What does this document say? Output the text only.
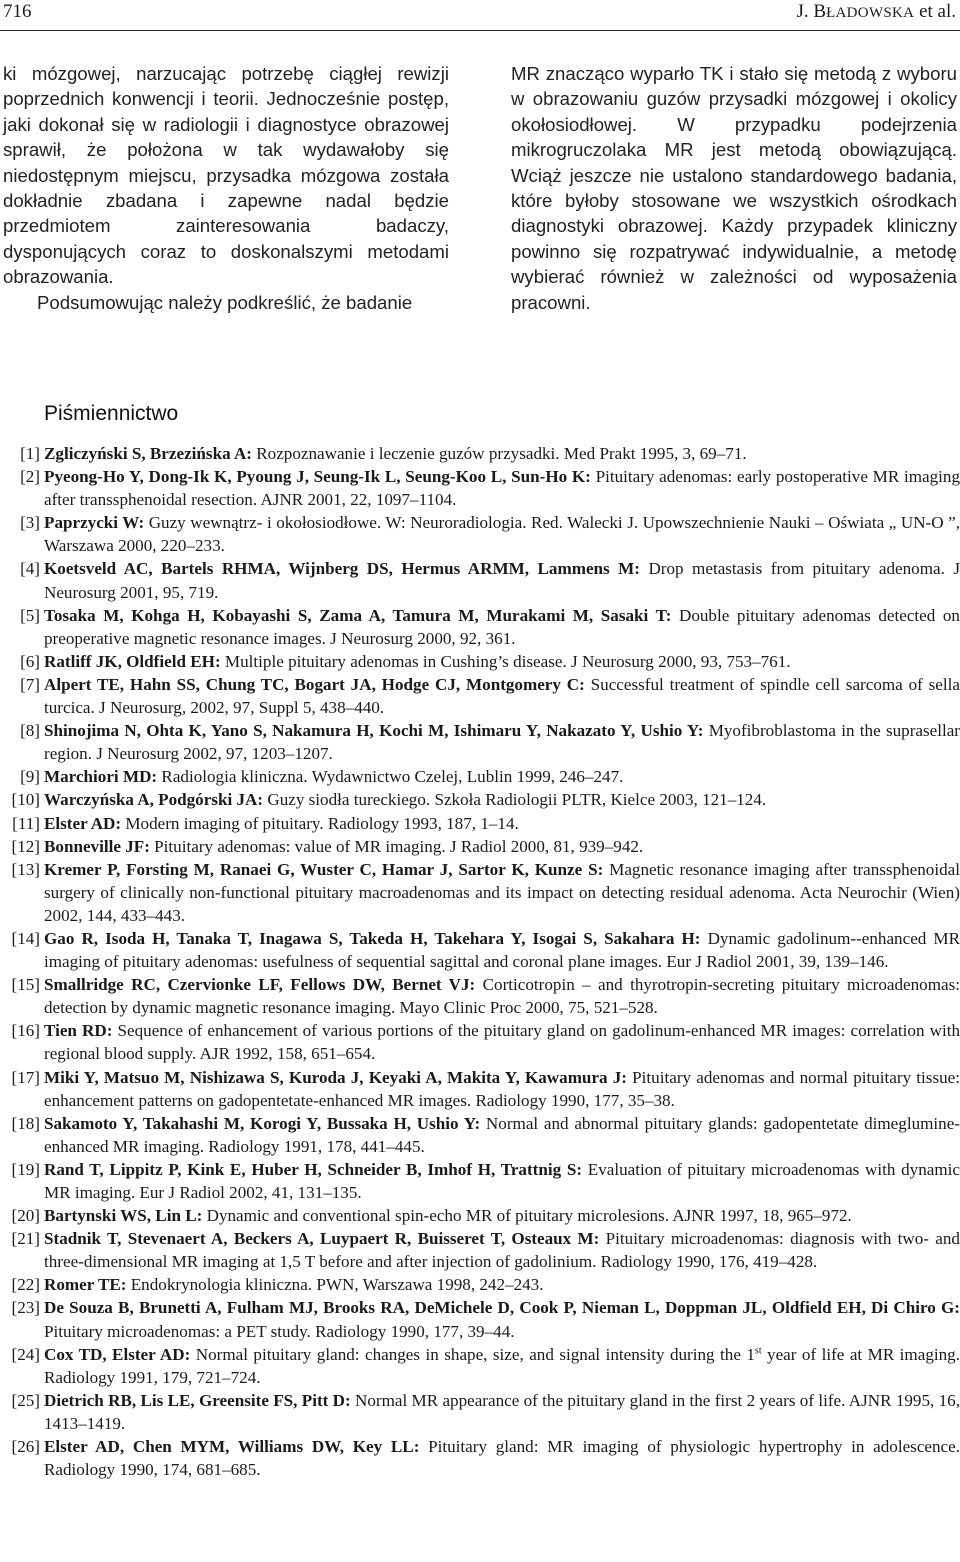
716	J. BŁADOWSKA et al.

ki mózgowej, narzucając potrzebę ciągłej rewizji poprzednich konwencji i teorii. Jednocześnie postęp, jaki dokonał się w radiologii i diagnostyce obrazowej sprawił, że położona w tak wydawałoby się niedostępnym miejscu, przysadka mózgowa została dokładnie zbadana i zapewne nadal będzie przedmiotem zainteresowania badaczy, dysponujących coraz to doskonalszymi metodami obrazowania.

Podsumowując należy podkreślić, że badanie

MR znacząco wyparło TK i stało się metodą z wyboru w obrazowaniu guzów przysadki mózgowej i okolicy okołosiodłowej. W przypadku podejrzenia mikrogruczolaka MR jest metodą obowiązującą. Wciąż jeszcze nie ustalono standardowego badania, które byłoby stosowane we wszystkich ośrodkach diagnostyki obrazowej. Każdy przypadek kliniczny powinno się rozpatrywać indywidualnie, a metodę wybierać również w zależności od wyposażenia pracowni.

Piśmiennictwo
[1] Zgliczyński S, Brzezińska A: Rozpoznawanie i leczenie guzów przysadki. Med Prakt 1995, 3, 69–71.
[2] Pyeong-Ho Y, Dong-Ik K, Pyoung J, Seung-Ik L, Seung-Koo L, Sun-Ho K: Pituitary adenomas: early postoperative MR imaging after transsphenoidal resection. AJNR 2001, 22, 1097–1104.
[3] Paprzycki W: Guzy wewnątrz- i okołosiodłowe. W: Neuroradiologia. Red. Walecki J. Upowszechnienie Nauki – Oświata „ UN-O ”, Warszawa 2000, 220–233.
[4] Koetsveld AC, Bartels RHMA, Wijnberg DS, Hermus ARMM, Lammens M: Drop metastasis from pituitary adenoma. J Neurosurg 2001, 95, 719.
[5] Tosaka M, Kohga H, Kobayashi S, Zama A, Tamura M, Murakami M, Sasaki T: Double pituitary adenomas detected on preoperative magnetic resonance images. J Neurosurg 2000, 92, 361.
[6] Ratliff JK, Oldfield EH: Multiple pituitary adenomas in Cushing’s disease. J Neurosurg 2000, 93, 753–761.
[7] Alpert TE, Hahn SS, Chung TC, Bogart JA, Hodge CJ, Montgomery C: Successful treatment of spindle cell sarcoma of sella turcica. J Neurosurg, 2002, 97, Suppl 5, 438–440.
[8] Shinojima N, Ohta K, Yano S, Nakamura H, Kochi M, Ishimaru Y, Nakazato Y, Ushio Y: Myofibroblastoma in the suprasellar region. J Neurosurg 2002, 97, 1203–1207.
[9] Marchiori MD: Radiologia kliniczna. Wydawnictwo Czelej, Lublin 1999, 246–247.
[10] Warczyńska A, Podgórski JA: Guzy siodła tureckiego. Szkoła Radiologii PLTR, Kielce 2003, 121–124.
[11] Elster AD: Modern imaging of pituitary. Radiology 1993, 187, 1–14.
[12] Bonneville JF: Pituitary adenomas: value of MR imaging. J Radiol 2000, 81, 939–942.
[13] Kremer P, Forsting M, Ranaei G, Wuster C, Hamar J, Sartor K, Kunze S: Magnetic resonance imaging after transsphenoidal surgery of clinically non-functional pituitary macroadenomas and its impact on detecting residual adenoma. Acta Neurochir (Wien) 2002, 144, 433–443.
[14] Gao R, Isoda H, Tanaka T, Inagawa S, Takeda H, Takehara Y, Isogai S, Sakahara H: Dynamic gadolinum--enhanced MR imaging of pituitary adenomas: usefulness of sequential sagittal and coronal plane images. Eur J Radiol 2001, 39, 139–146.
[15] Smallridge RC, Czervionke LF, Fellows DW, Bernet VJ: Corticotropin – and thyrotropin-secreting pituitary microadenomas: detection by dynamic magnetic resonance imaging. Mayo Clinic Proc 2000, 75, 521–528.
[16] Tien RD: Sequence of enhancement of various portions of the pituitary gland on gadolinum-enhanced MR images: correlation with regional blood supply. AJR 1992, 158, 651–654.
[17] Miki Y, Matsuo M, Nishizawa S, Kuroda J, Keyaki A, Makita Y, Kawamura J: Pituitary adenomas and normal pituitary tissue: enhancement patterns on gadopentetate-enhanced MR images. Radiology 1990, 177, 35–38.
[18] Sakamoto Y, Takahashi M, Korogi Y, Bussaka H, Ushio Y: Normal and abnormal pituitary glands: gadopentetate dimeglumine-enhanced MR imaging. Radiology 1991, 178, 441–445.
[19] Rand T, Lippitz P, Kink E, Huber H, Schneider B, Imhof H, Trattnig S: Evaluation of pituitary microadenomas with dynamic MR imaging. Eur J Radiol 2002, 41, 131–135.
[20] Bartynski WS, Lin L: Dynamic and conventional spin-echo MR of pituitary microlesions. AJNR 1997, 18, 965–972.
[21] Stadnik T, Stevenaert A, Beckers A, Luypaert R, Buisseret T, Osteaux M: Pituitary microadenomas: diagnosis with two- and three-dimensional MR imaging at 1,5 T before and after injection of gadolinium. Radiology 1990, 176, 419–428.
[22] Romer TE: Endokrynologia kliniczna. PWN, Warszawa 1998, 242–243.
[23] De Souza B, Brunetti A, Fulham MJ, Brooks RA, DeMichele D, Cook P, Nieman L, Doppman JL, Oldfield EH, Di Chiro G: Pituitary microadenomas: a PET study. Radiology 1990, 177, 39–44.
[24] Cox TD, Elster AD: Normal pituitary gland: changes in shape, size, and signal intensity during the 1st year of life at MR imaging. Radiology 1991, 179, 721–724.
[25] Dietrich RB, Lis LE, Greensite FS, Pitt D: Normal MR appearance of the pituitary gland in the first 2 years of life. AJNR 1995, 16, 1413–1419.
[26] Elster AD, Chen MYM, Williams DW, Key LL: Pituitary gland: MR imaging of physiologic hypertrophy in adolescence. Radiology 1990, 174, 681–685.
